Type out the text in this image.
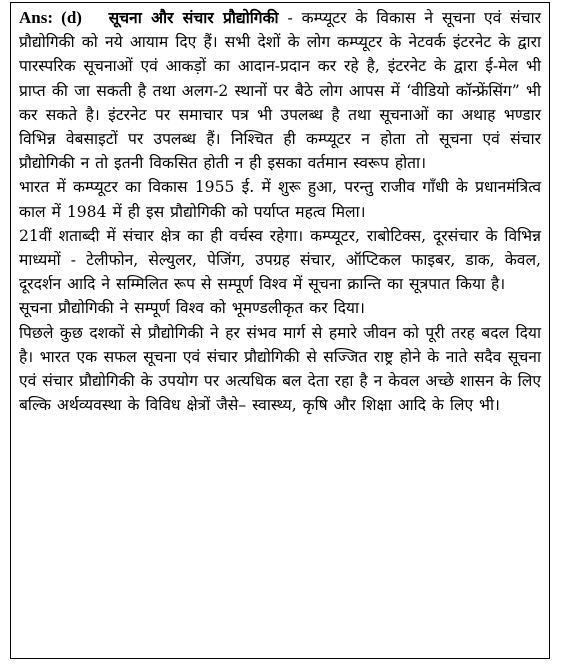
Ans: (d) सूचना और संचार प्रौद्योगिकी - कम्प्यूटर के विकास ने सूचना एवं संचार प्रौद्योगिकी को नये आयाम दिए हैं। सभी देशों के लोग कम्प्यूटर के नेटवर्क इंटरनेट के द्वारा पारस्परिक सूचनाओं एवं आकड़ों का आदान-प्रदान कर रहे है, इंटरनेट के द्वारा ई-मेल भी प्राप्त की जा सकती है तथा अलग-2 स्थानों पर बैठे लोग आपस में ‘वीडियो कॉन्फ्रेंसिंग” भी कर सकते है। इंटरनेट पर समाचार पत्र भी उपलब्ध है तथा सूचनाओं का अथाह भण्डार विभिन्न वेबसाइटों पर उपलब्ध हैं। निश्चित ही कम्प्यूटर न होता तो सूचना एवं संचार प्रौद्योगिकी न तो इतनी विकसित होती न ही इसका वर्तमान स्वरूप होता।

भारत में कम्प्यूटर का विकास 1955 ई. में शुरू हुआ, परन्तु राजीव गाँधी के प्रधानमंत्रित्व काल में 1984 में ही इस प्रौद्योगिकी को पर्याप्त महत्व मिला।

21वीं शताब्दी में संचार क्षेत्र का ही वर्चस्व रहेगा। कम्प्यूटर, राबोटिक्स, दूरसंचार के विभिन्न माध्यमों - टेलीफोन, सेल्युलर, पेजिंग, उपग्रह संचार, ऑप्टिकल फाइबर, डाक, केवल, दूरदर्शन आदि ने सम्मिलित रूप से सम्पूर्ण विश्व में सूचना क्रान्ति का सूत्रपात किया है।

सूचना प्रौद्योगिकी ने सम्पूर्ण विश्व को भूमण्डलीकृत कर दिया।

पिछले कुछ दशकों से प्रौद्योगिकी ने हर संभव मार्ग से हमारे जीवन को पूरी तरह बदल दिया है। भारत एक सफल सूचना एवं संचार प्रौद्योगिकी से सज्जित राष्ट्र होने के नाते सदैव सूचना एवं संचार प्रौद्योगिकी के उपयोग पर अत्यधिक बल देता रहा है न केवल अच्छे शासन के लिए बल्कि अर्थव्यवस्था के विविध क्षेत्रों जैसे– स्वास्थ्य, कृषि और शिक्षा आदि के लिए भी।
